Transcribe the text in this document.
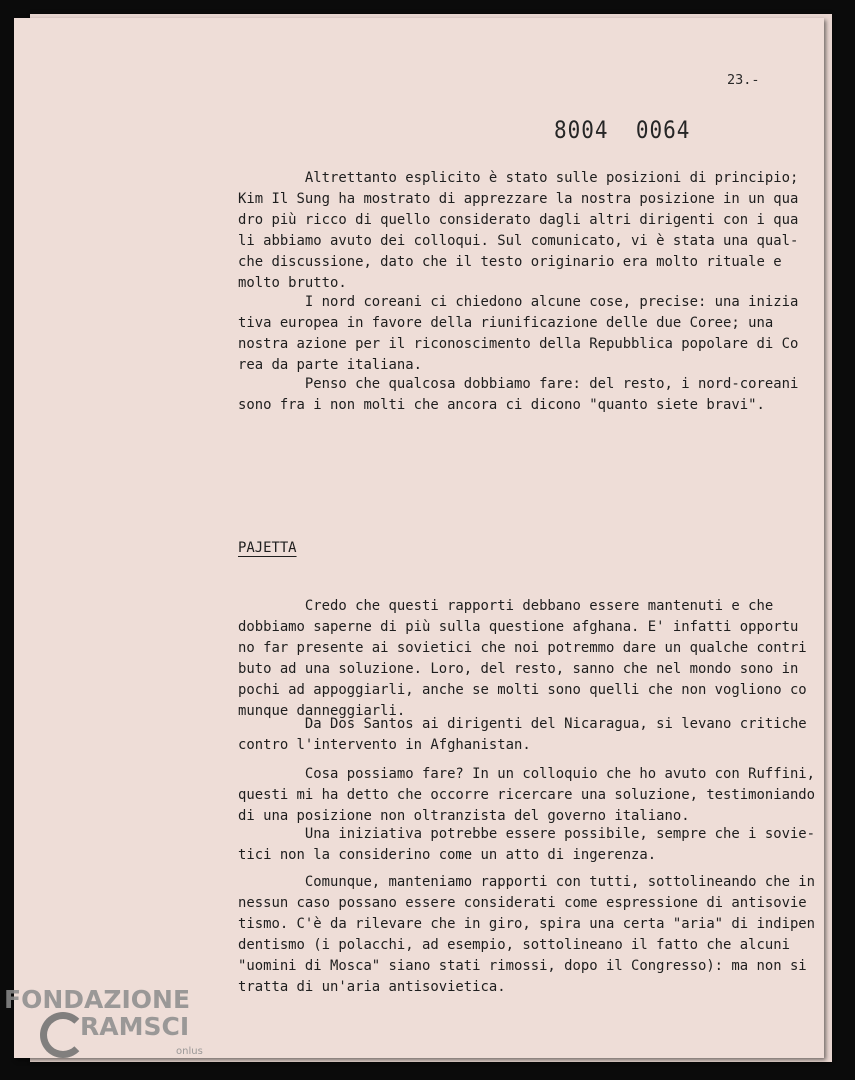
23.-
8004  0064
Altrettanto esplicito è stato sulle posizioni di principio;
Kim Il Sung ha mostrato di apprezzare la nostra posizione in un qua
dro più ricco di quello considerato dagli altri dirigenti con i qua
li abbiamo avuto dei colloqui. Sul comunicato, vi è stata una qual-
che discussione, dato che il testo originario era molto rituale e
molto brutto.
I nord coreani ci chiedono alcune cose, precise: una inizia
tiva europea in favore della riunificazione delle due Coree; una
nostra azione per il riconoscimento della Repubblica popolare di
rea da parte italiana.
Penso che qualcosa dobbiamo fare: del resto, i nord-coreani
sono fra i non molti che ancora ci dicono "quanto siete bravi".
PAJETTA
Credo che questi rapporti debbano essere mantenuti e che
dobbiamo saperne di più sulla questione afghana. E' infatti opportu
no far presente ai sovietici che noi potremmo dare un qualche contri
buto ad una soluzione. Loro, del resto, sanno che nel mondo sono
pochi ad appoggiarli, anche se molti sono quelli che non vogliono
munque danneggiarli.
Da Dos Santos ai dirigenti del Nicaragua, si levano critiche
contro l'intervento in Afghanistan.
Cosa possiamo fare? In un colloquio che ho avuto con Ruffini,
questi mi ha detto che occorre ricercare una soluzione, testimoniando
di una posizione non oltranzista del governo italiano.
Una iniziativa potrebbe essere possibile, sempre che i
tici non la considerino come un atto di ingerenza.
Comunque, manteniamo rapporti con tutti, sottolineando che
nessun caso possano essere considerati come espressione di antisovie
tismo. C'è da rilevare che in giro, spira una certa "aria" di indipen
dentismo (i polacchi, ad esempio, sottolineano il fatto che alcuni
"uomini di Mosca" siano stati rimossi, dopo il Congresso): ma non
tratta di un'aria antisovietica.
FONDAZIONE
RAMSCI
onlus
